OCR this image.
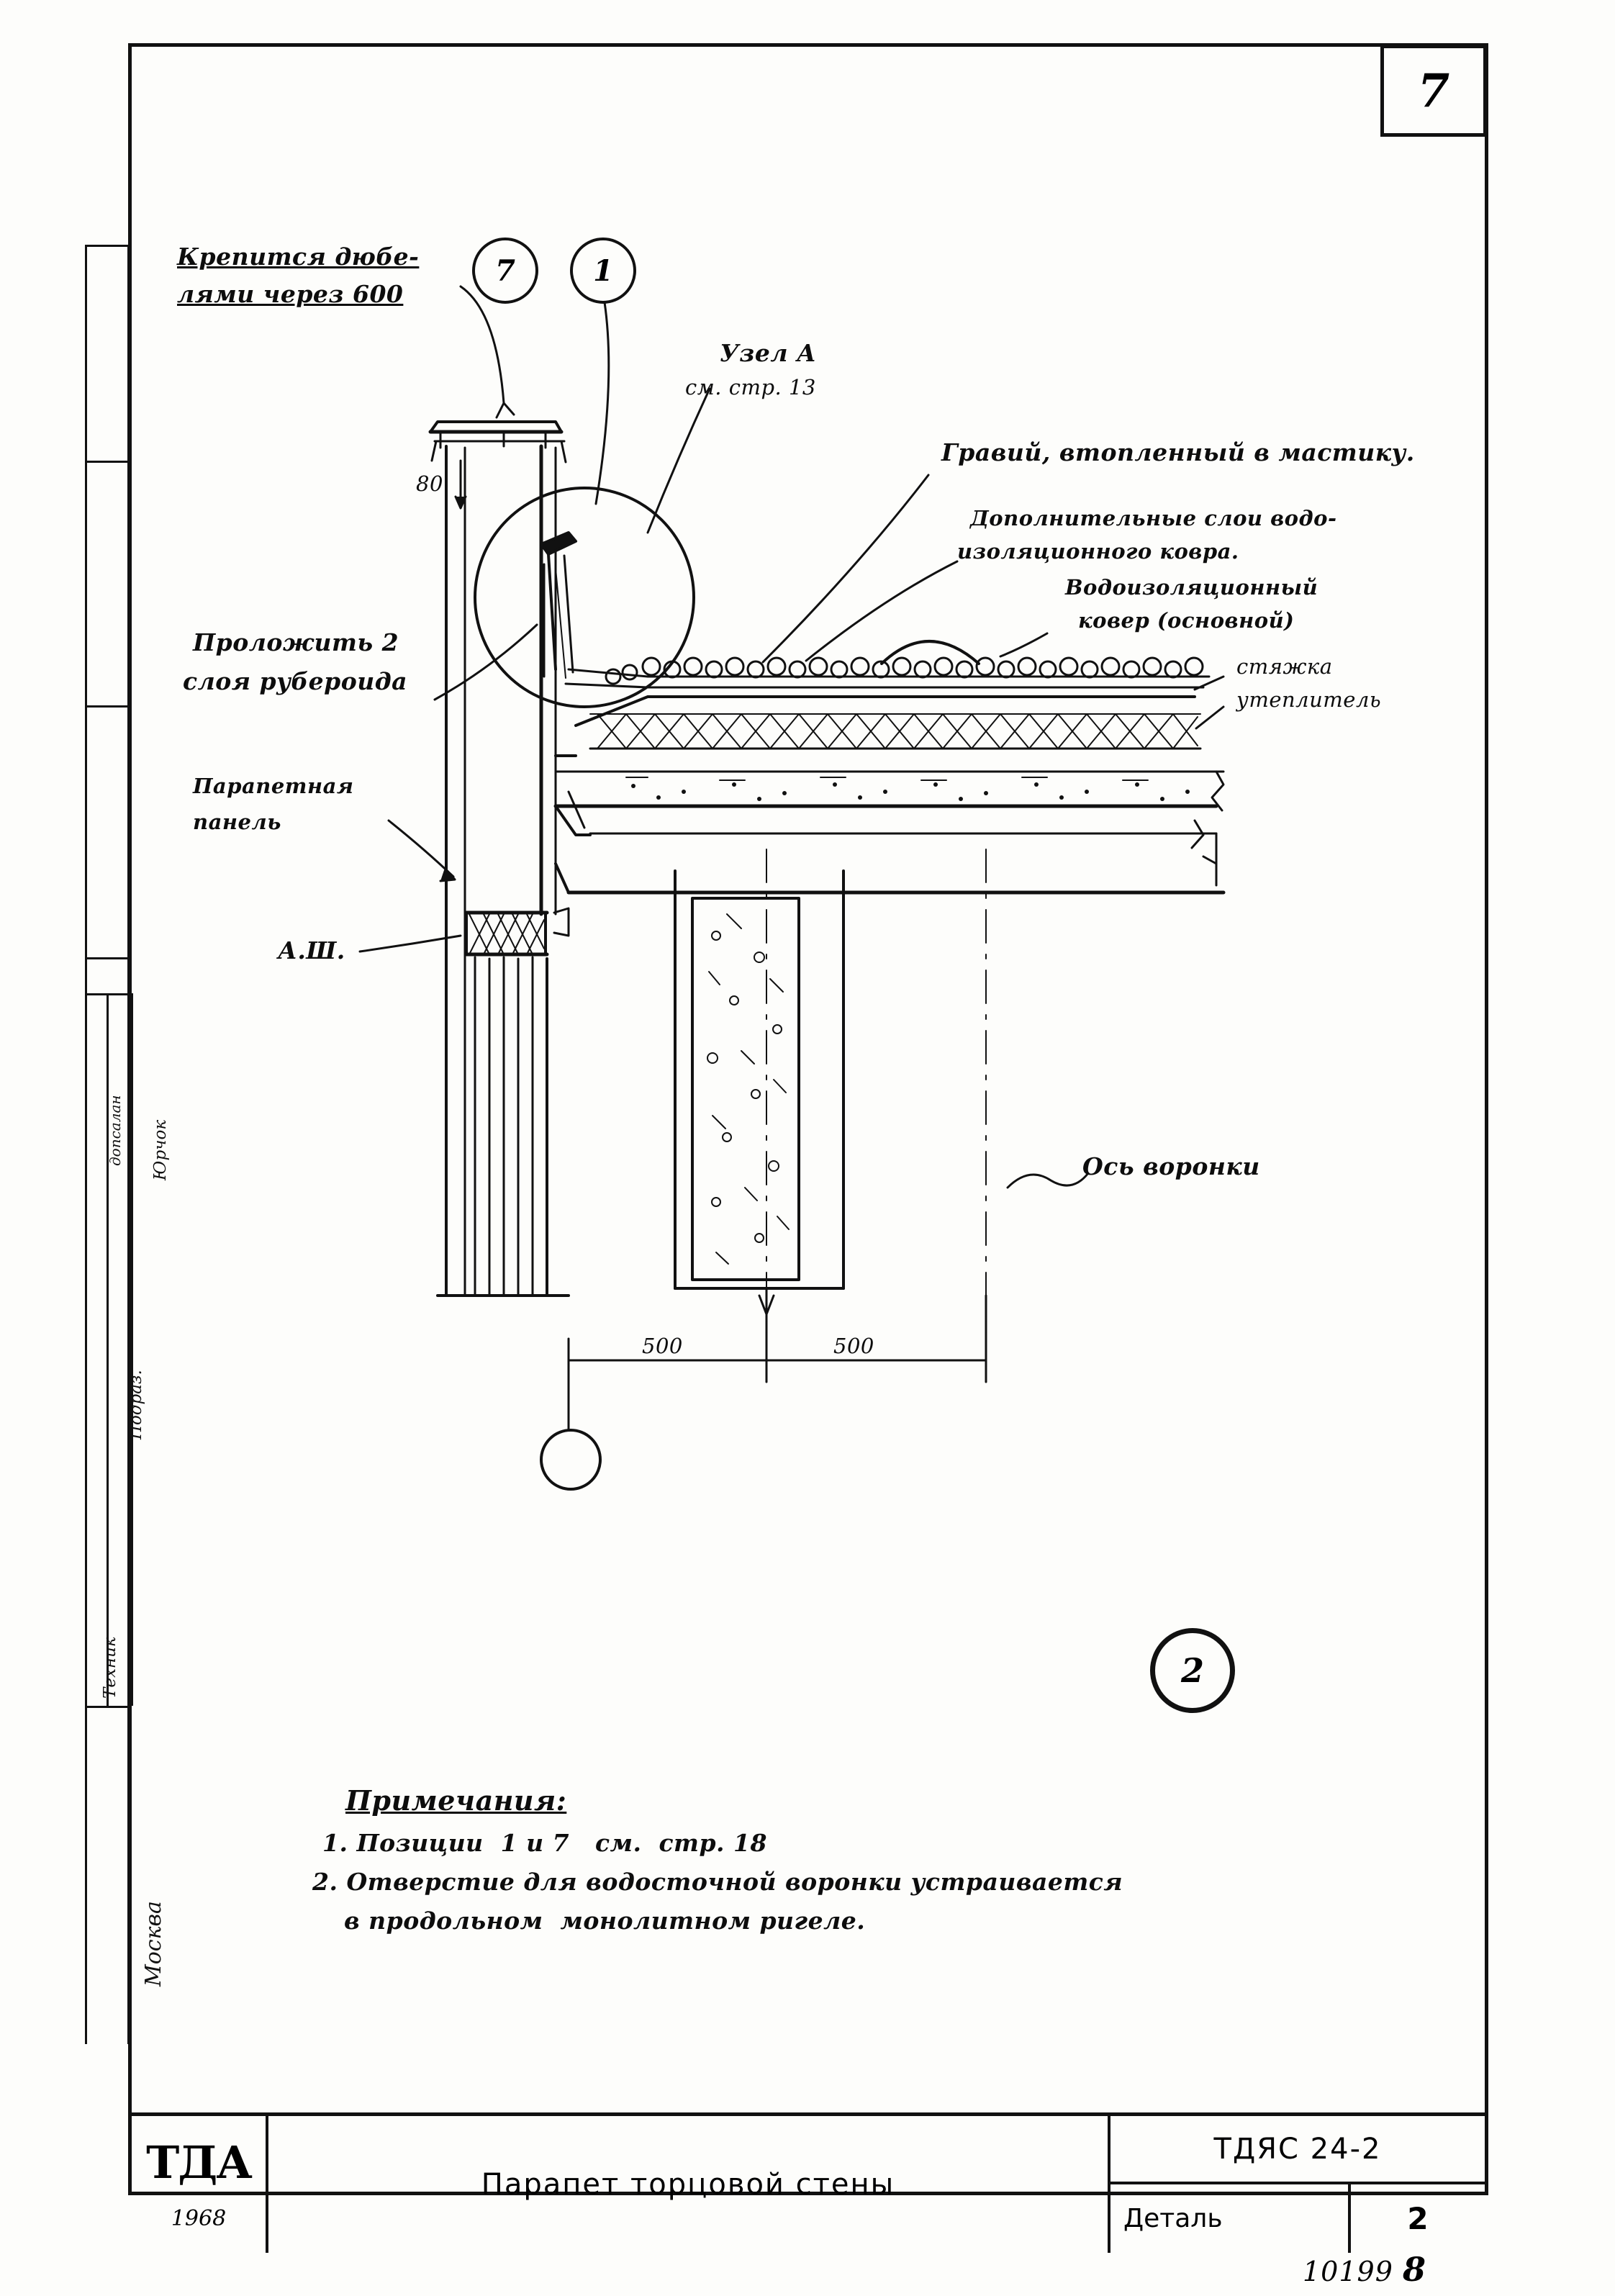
7
Техник
Подраз.
Юрчок
допсалан
Москва
7	1
2
Крепится дюбе-
лями через 600
Узел А
см. стр. 13
Гравий, втопленный в мастику.
Дополнительные слои водо-
изоляционного ковра.
Водоизоляционный
ковер (основной)
стяжка
утеплитель
Проложить 2
слоя рубероида
Парапетная
панель
А.Ш.
Ось воронки
80
500	500
Примечания:
1. Позиции  1 и 7   см.  стр. 18
2. Отверстие для водосточной воронки устраивается
в продольном  монолитном ригеле.
ТДА
1968
Парапет торцовой стены
ТДЯС 24-2
Деталь	2
10199 8
